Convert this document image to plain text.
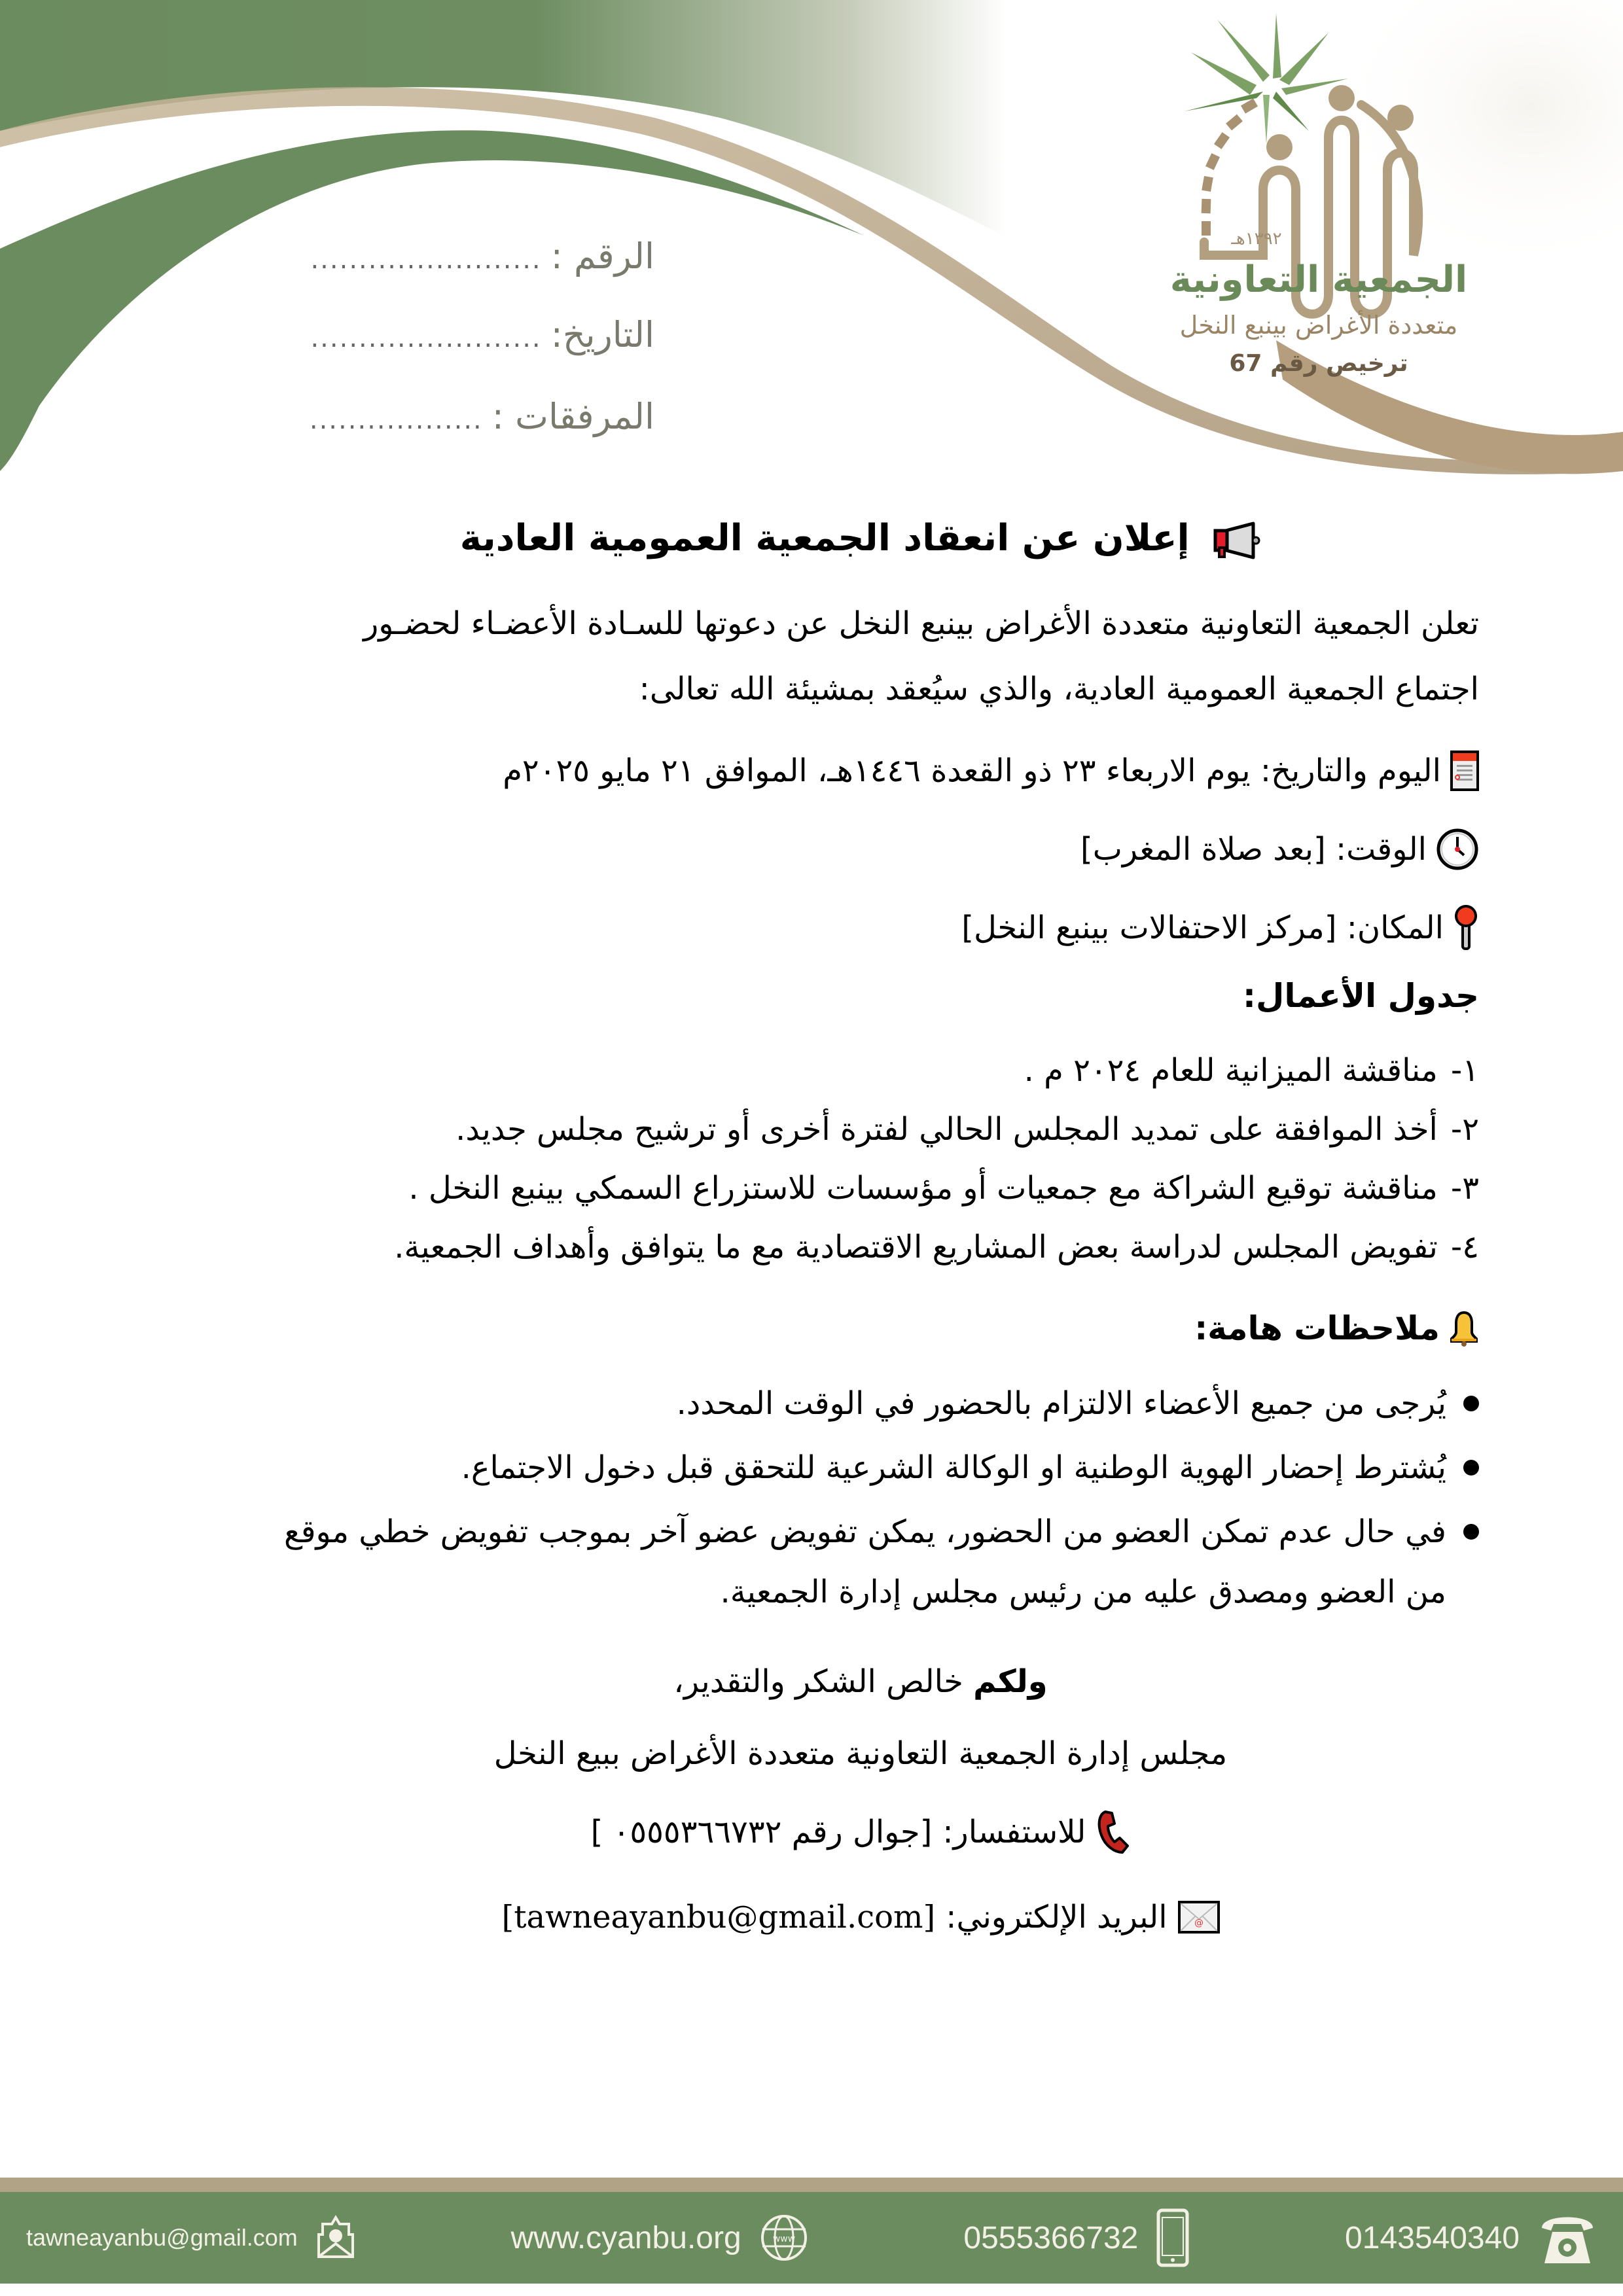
١٣٩٢هـ
الجمعية التعاونية
متعددة الأغراض بينبع النخل
ترخيص رقم 67
الرقم :
........................
التاريخ:
........................
المرفقات :
..................
إعلان عن انعقاد الجمعية العمومية العادية

تعلن الجمعية التعاونية متعددة الأغراض بينبع النخل عن دعوتها للسـادة الأعضـاء لحضـور
اجتماع الجمعية العمومية العادية، والذي سيُعقد بمشيئة الله تعالى:

اليوم والتاريخ: يوم الاربعاء ٢٣ ذو القعدة ١٤٤٦هـ، الموافق ٢١ مايو ٢٠٢٥م
الوقت: [بعد صلاة المغرب]
المكان: [مركز الاحتفالات بينبع النخل]
جدول الأعمال:
١-
مناقشة الميزانية للعام ٢٠٢٤ م .
٢-
أخذ الموافقة على تمديد المجلس الحالي لفترة أخرى أو ترشيح مجلس جديد.
٣-
مناقشة توقيع الشراكة مع جمعيات أو مؤسسات للاستزراع السمكي بينبع النخل .
٤-
تفويض المجلس لدراسة بعض المشاريع الاقتصادية مع ما يتوافق وأهداف الجمعية.
ملاحظات هامة:
يُرجى من جميع الأعضاء الالتزام بالحضور في الوقت المحدد.
يُشترط إحضار الهوية الوطنية او الوكالة الشرعية للتحقق قبل دخول الاجتماع.
في حال عدم تمكن العضو من الحضور، يمكن تفويض عضو آخر بموجب تفويض خطي موقع من العضو ومصدق عليه من رئيس مجلس إدارة الجمعية.

ولكم خالص الشكر والتقدير،

مجلس إدارة الجمعية التعاونية متعددة الأغراض ببيع النخل

للاستفسار:
[جوال رقم ٠٥٥٥٣٦٦٧٣٢ ]
@
البريد الإلكتروني:
[tawneayanbu@gmail.com]
tawneayanbu@gmail.com	www.cyanbu.org	www	0555366732	0143540340
